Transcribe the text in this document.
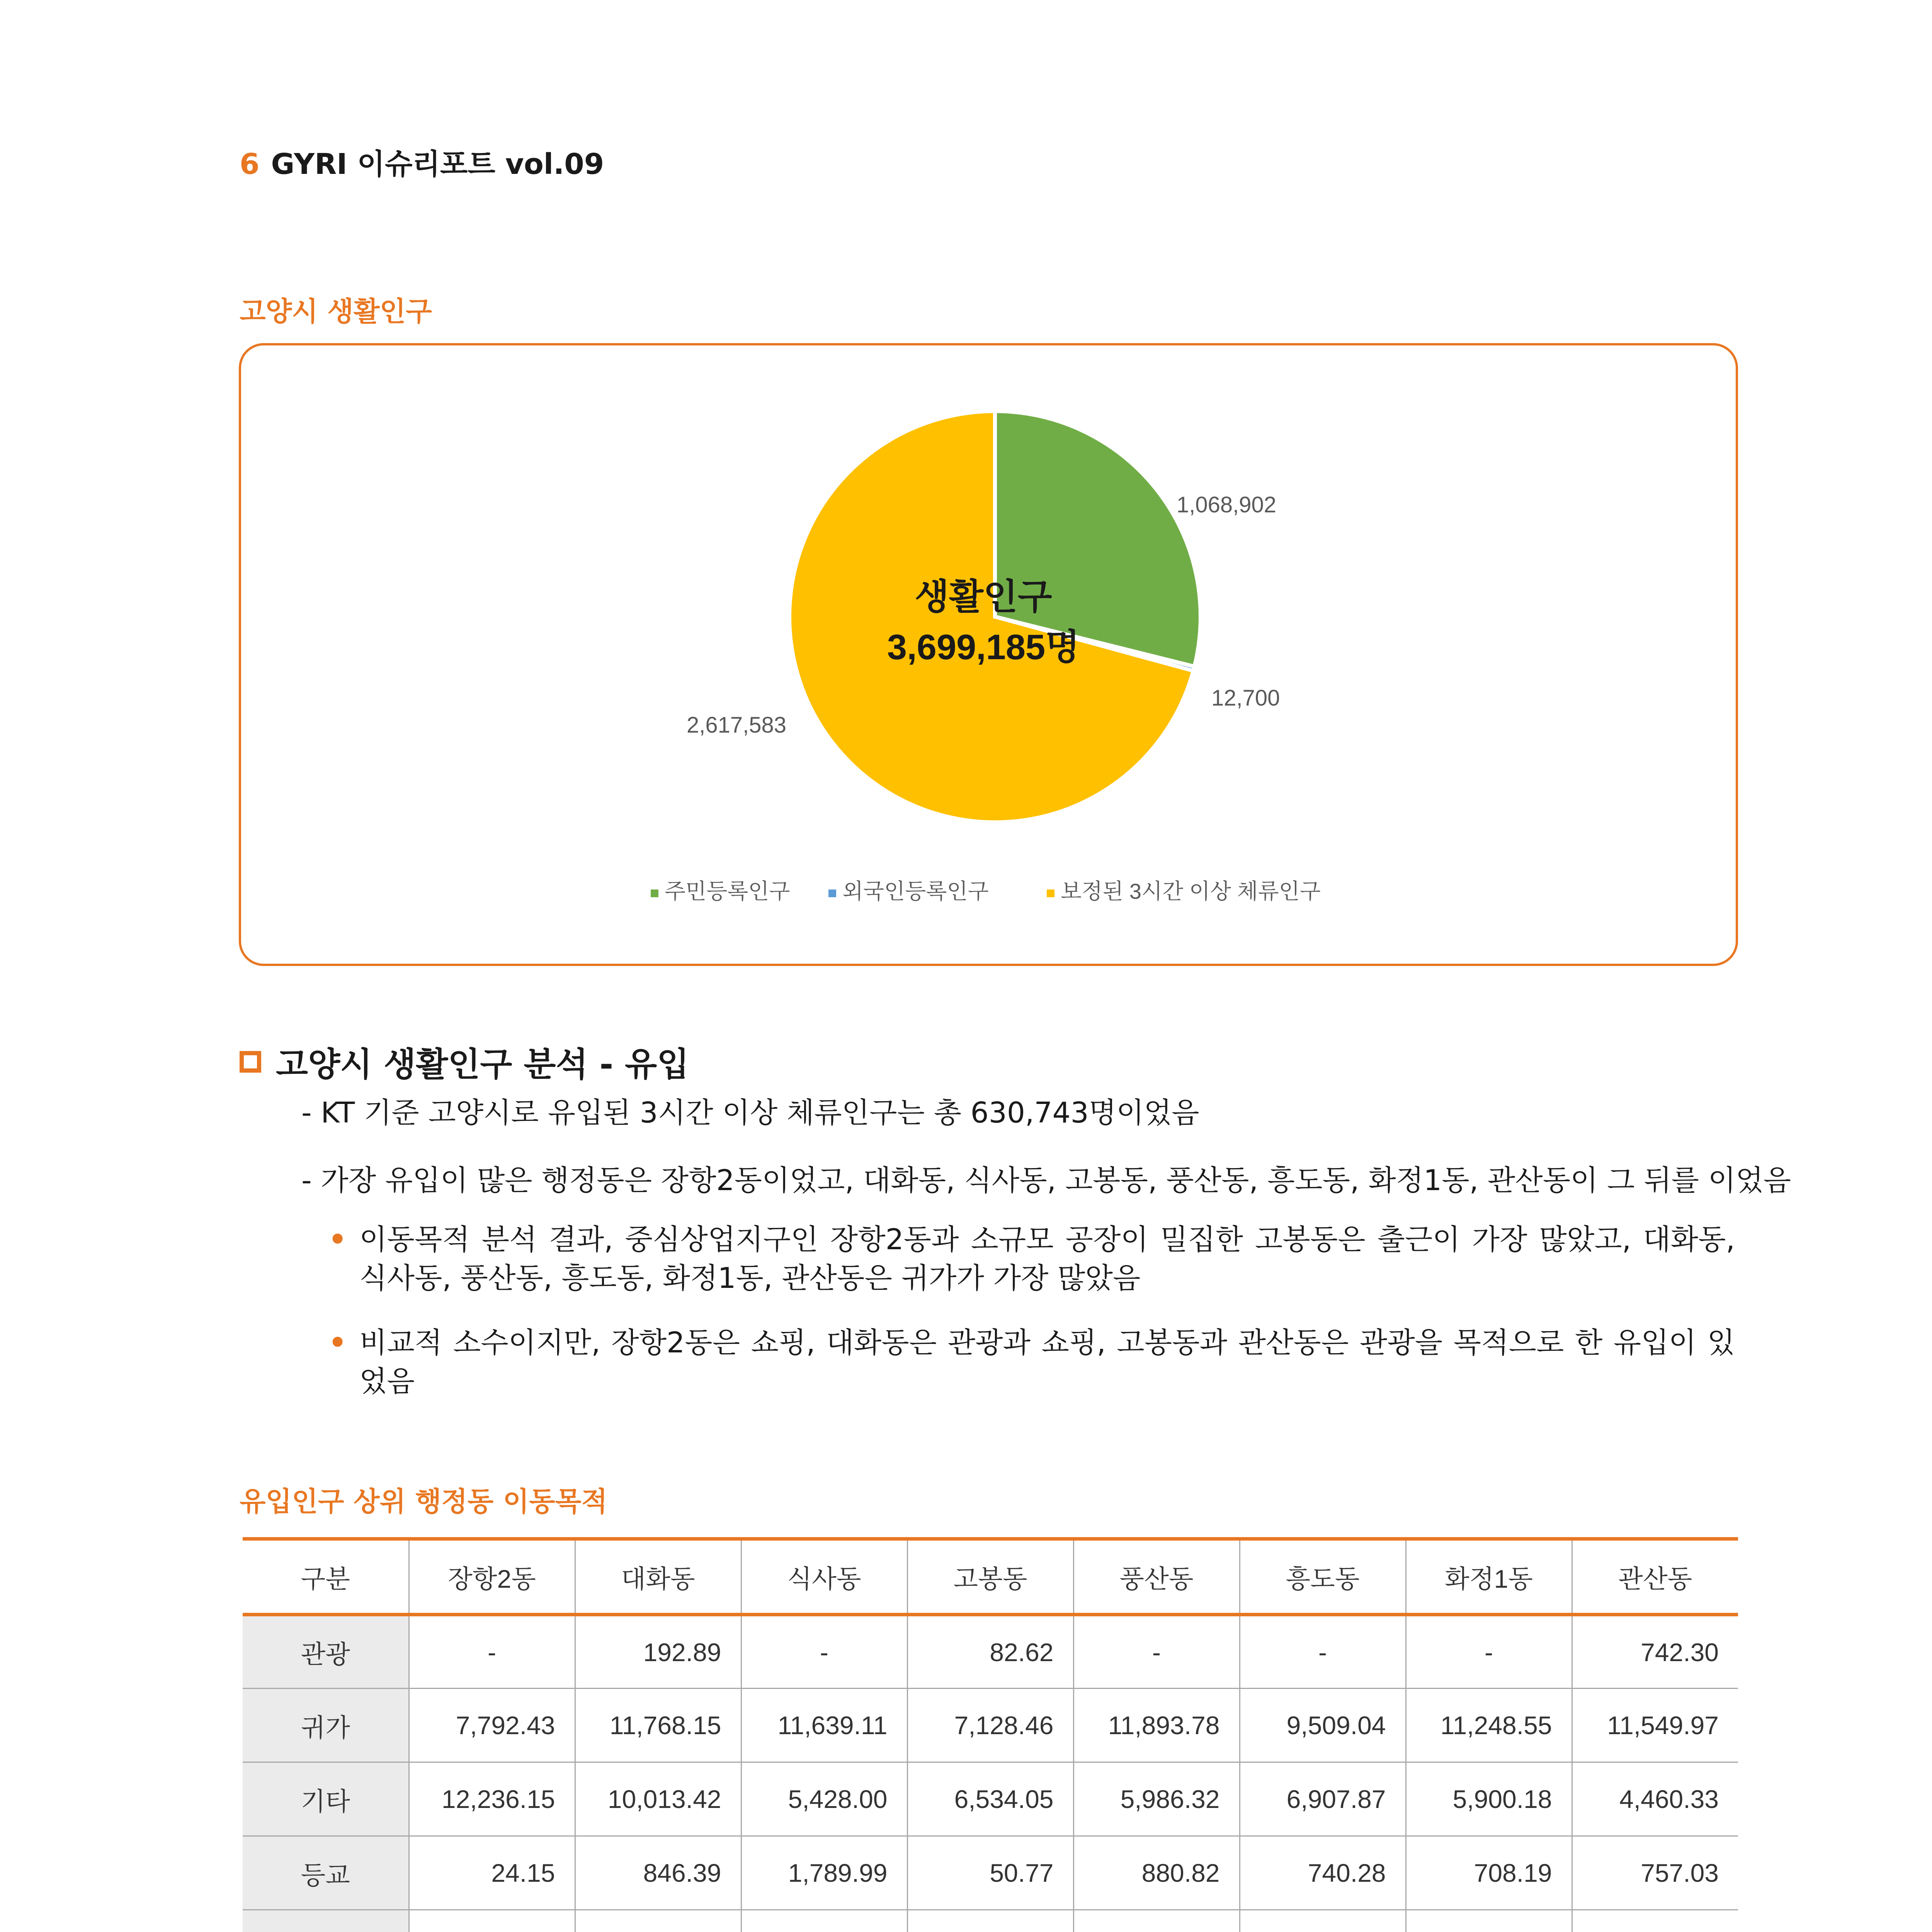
6 GYRI 이슈리포트 vol.09
고양시 생활인구
1,068,902
12,700
2,617,583
생활인구
3,699,185명
주민등록인구 외국인등록인구	보정된 3시간 이상 체류인구
고양시 생활인구 분석 - 유입
- KT 기준 고양시로 유입된 3시간 이상 체류인구는 총 630,743명이었음
- 가장 유입이 많은 행정동은 장항2동이었고, 대화동, 식사동, 고봉동, 풍산동, 흥도동, 화정1동, 관산동이 그 뒤를 이었음
• 이동목적 분석 결과, 중심상업지구인 장항2동과 소규모 공장이 밀집한 고봉동은 출근이 가장 많았고, 대화동, 식사동, 풍산동, 흥도동, 화정1동, 관산동은 귀가가 가장 많았음
• 비교적 소수이지만, 장항2동은 쇼핑, 대화동은 관광과 쇼핑, 고봉동과 관산동은 관광을 목적으로 한 유입이 있었음
유입인구 상위 행정동 이동목적
구분	장항2동	대화동	식사동	고봉동	풍산동	흥도동	화정1동	관산동
관광	-	192.89	-	82.62	-	-	-	742.30
귀가	7,792.43	11,768.15	11,639.11	7,128.46	11,893.78	9,509.04	11,248.55	11,549.97
기타	12,236.15	10,013.42	5,428.00	6,534.05	5,986.32	6,907.87	5,900.18	4,460.33
등교	24.15	846.39	1,789.99	50.77	880.82	740.28	708.19	757.03
